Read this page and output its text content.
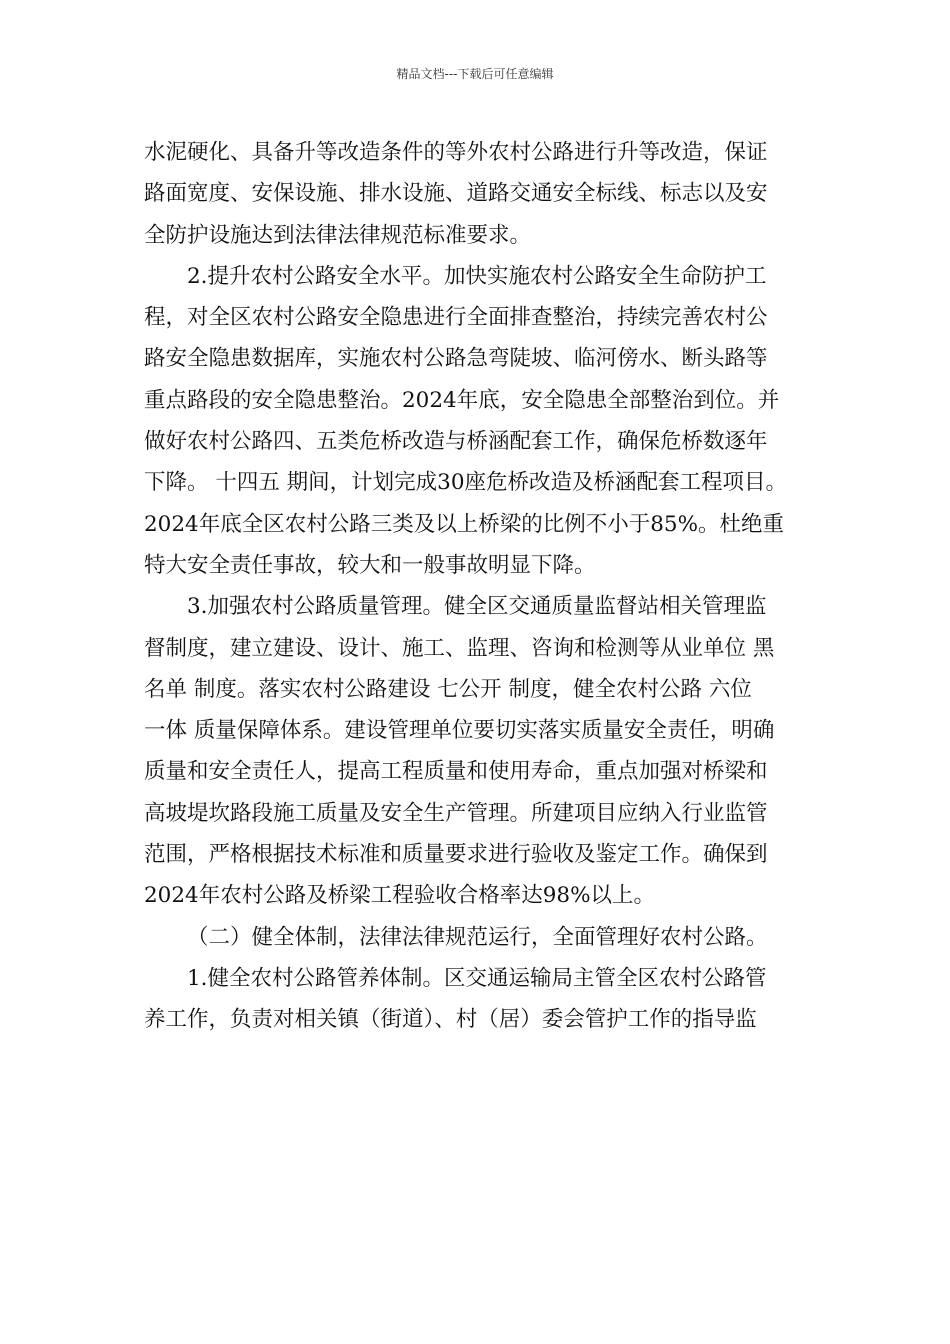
精品文档---下载后可任意编辑
水泥硬化、具备升等改造条件的等外农村公路进行升等改造，保证
路面宽度、安保设施、排水设施、道路交通安全标线、标志以及安
全防护设施达到法律法律规范标准要求。
2.提升农村公路安全水平。加快实施农村公路安全生命防护工
程，对全区农村公路安全隐患进行全面排查整治，持续完善农村公
路安全隐患数据库，实施农村公路急弯陡坡、临河傍水、断头路等
重点路段的安全隐患整治。2024年底，安全隐患全部整治到位。并
做好农村公路四、五类危桥改造与桥涵配套工作，确保危桥数逐年
下降。 十四五 期间，计划完成30座危桥改造及桥涵配套工程项目。
2024年底全区农村公路三类及以上桥梁的比例不小于85%。杜绝重
特大安全责任事故，较大和一般事故明显下降。
3.加强农村公路质量管理。健全区交通质量监督站相关管理监
督制度，建立建设、设计、施工、监理、咨询和检测等从业单位 黑
名单 制度。落实农村公路建设 七公开 制度，健全农村公路 六位
一体 质量保障体系。建设管理单位要切实落实质量安全责任，明确
质量和安全责任人，提高工程质量和使用寿命，重点加强对桥梁和
高坡堤坎路段施工质量及安全生产管理。所建项目应纳入行业监管
范围，严格根据技术标准和质量要求进行验收及鉴定工作。确保到
2024年农村公路及桥梁工程验收合格率达98%以上。
（二）健全体制，法律法律规范运行，全面管理好农村公路。
1.健全农村公路管养体制。区交通运输局主管全区农村公路管
养工作，负责对相关镇（街道）、村（居）委会管护工作的指导监
